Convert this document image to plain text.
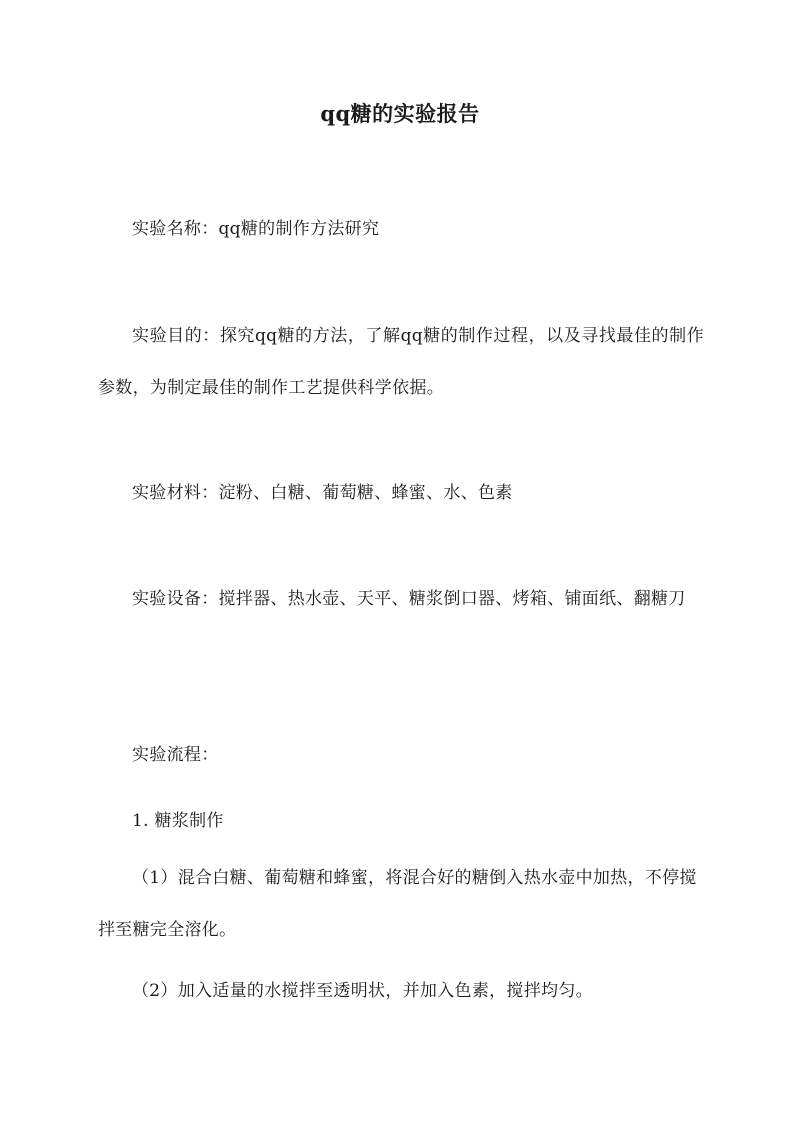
qq糖的实验报告
实验名称：qq糖的制作方法研究
实验目的：探究qq糖的方法，了解qq糖的制作过程，以及寻找最佳的制作参数，为制定最佳的制作工艺提供科学依据。
实验材料：淀粉、白糖、葡萄糖、蜂蜜、水、色素
实验设备：搅拌器、热水壶、天平、糖浆倒口器、烤箱、铺面纸、翻糖刀
实验流程：
1. 糖浆制作
（1）混合白糖、葡萄糖和蜂蜜，将混合好的糖倒入热水壶中加热，不停搅拌至糖完全溶化。
（2）加入适量的水搅拌至透明状，并加入色素，搅拌均匀。
